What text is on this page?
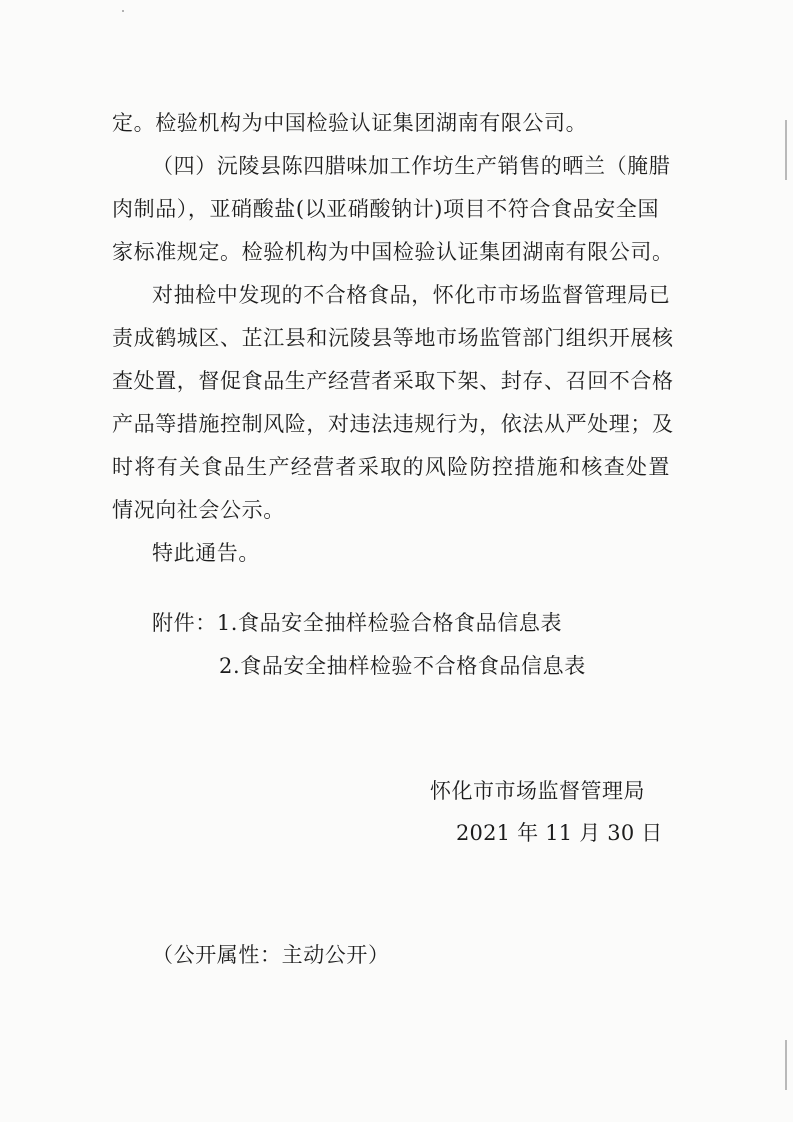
定。检验机构为中国检验认证集团湖南有限公司。
（四）沅陵县陈四腊味加工作坊生产销售的晒兰（腌腊
肉制品），亚硝酸盐(以亚硝酸钠计)项目不符合食品安全国
家标准规定。检验机构为中国检验认证集团湖南有限公司。
对抽检中发现的不合格食品，怀化市市场监督管理局已
责成鹤城区、芷江县和沅陵县等地市场监管部门组织开展核
查处置，督促食品生产经营者采取下架、封存、召回不合格
产品等措施控制风险，对违法违规行为，依法从严处理；及
时将有关食品生产经营者采取的风险防控措施和核查处置
情况向社会公示。
特此通告。
附件：1.食品安全抽样检验合格食品信息表
2.食品安全抽样检验不合格食品信息表
怀化市市场监督管理局
2021 年 11 月 30 日
（公开属性：主动公开）
